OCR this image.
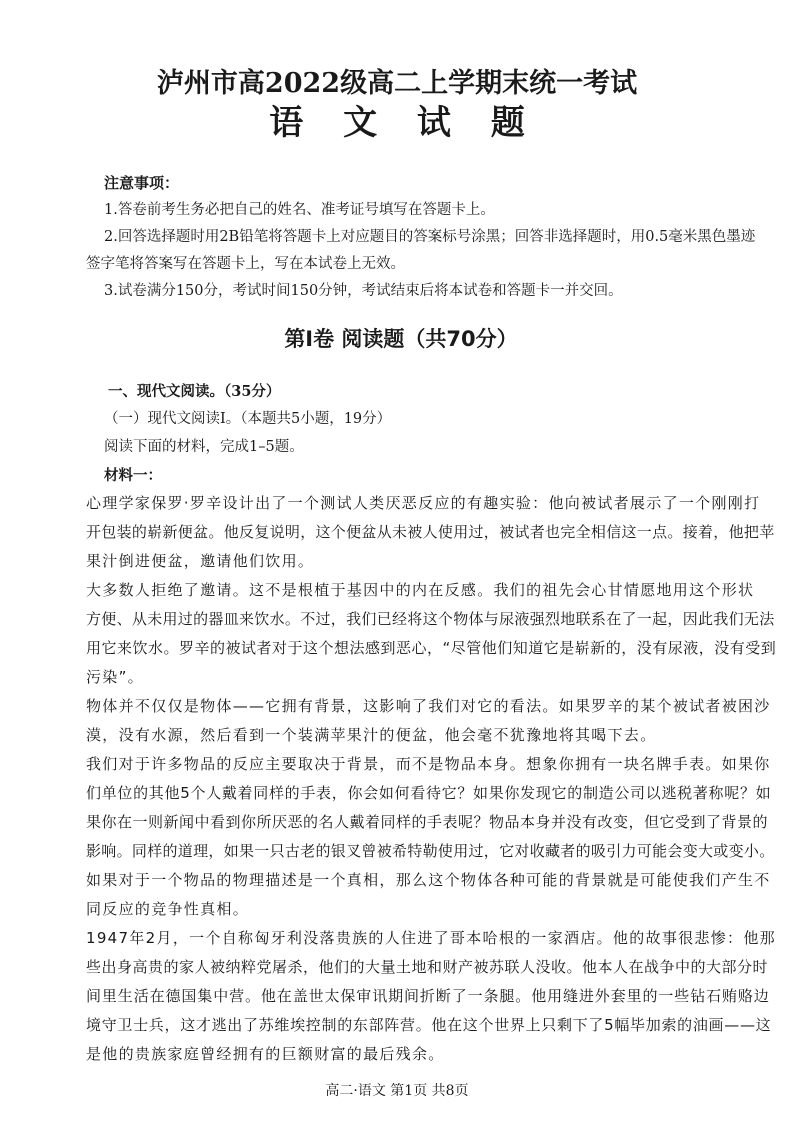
泸州市高2022级高二上学期末统一考试
语 文 试 题
注意事项：
1.答卷前考生务必把自己的姓名、准考证号填写在答题卡上。
2.回答选择题时用2B铅笔将答题卡上对应题目的答案标号涂黑；回答非选择题时，用0.5毫米黑色墨迹
签字笔将答案写在答题卡上，写在本试卷上无效。
3.试卷满分150分，考试时间150分钟，考试结束后将本试卷和答题卡一并交回。
第Ⅰ卷 阅读题（共70分）
一、现代文阅读。（35分）
（一）现代文阅读Ⅰ。（本题共5小题，19分）
阅读下面的材料，完成1–5题。
材料一：
心理学家保罗·罗辛设计出了一个测试人类厌恶反应的有趣实验：他向被试者展示了一个刚刚打
开包装的崭新便盆。他反复说明，这个便盆从未被人使用过，被试者也完全相信这一点。接着，他把苹
果汁倒进便盆，邀请他们饮用。
大多数人拒绝了邀请。这不是根植于基因中的内在反感。我们的祖先会心甘情愿地用这个形状
方便、从未用过的器皿来饮水。不过，我们已经将这个物体与尿液强烈地联系在了一起，因此我们无法
用它来饮水。罗辛的被试者对于这个想法感到恶心，“尽管他们知道它是崭新的，没有尿液，没有受到
污染”。
物体并不仅仅是物体——它拥有背景，这影响了我们对它的看法。如果罗辛的某个被试者被困沙
漠，没有水源，然后看到一个装满苹果汁的便盆，他会毫不犹豫地将其喝下去。
我们对于许多物品的反应主要取决于背景，而不是物品本身。想象你拥有一块名牌手表。如果你
们单位的其他5个人戴着同样的手表，你会如何看待它？如果你发现它的制造公司以逃税著称呢？如
果你在一则新闻中看到你所厌恶的名人戴着同样的手表呢？物品本身并没有改变，但它受到了背景的
影响。同样的道理，如果一只古老的银叉曾被希特勒使用过，它对收藏者的吸引力可能会变大或变小。
如果对于一个物品的物理描述是一个真相，那么这个物体各种可能的背景就是可能使我们产生不
同反应的竞争性真相。
1947年2月，一个自称匈牙利没落贵族的人住进了哥本哈根的一家酒店。他的故事很悲惨：他那
些出身高贵的家人被纳粹党屠杀，他们的大量土地和财产被苏联人没收。他本人在战争中的大部分时
间里生活在德国集中营。他在盖世太保审讯期间折断了一条腿。他用缝进外套里的一些钻石贿赂边
境守卫士兵，这才逃出了苏维埃控制的东部阵营。他在这个世界上只剩下了5幅毕加索的油画——这
是他的贵族家庭曾经拥有的巨额财富的最后残余。
高二·语文 第1页 共8页
